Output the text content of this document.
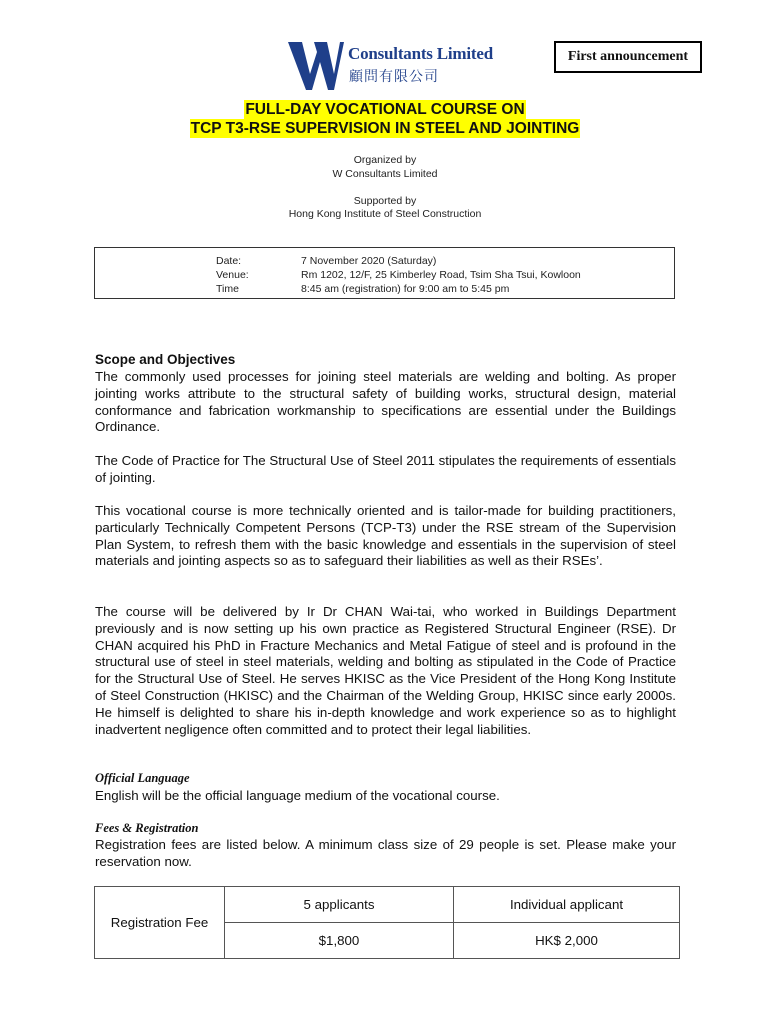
Consultants Limited
顧問有限公司
First announcement
FULL-DAY VOCATIONAL COURSE ON
TCP T3-RSE SUPERVISION IN STEEL AND JOINTING
Organized by
W Consultants Limited
Supported by
Hong Kong Institute of Steel Construction
Date:	7 November 2020 (Saturday)
Venue:	Rm 1202, 12/F, 25 Kimberley Road, Tsim Sha Tsui, Kowloon
Time	8:45 am (registration) for 9:00 am to 5:45 pm
Scope and Objectives
The commonly used processes for joining steel materials are welding and bolting. As proper jointing works attribute to the structural safety of building works, structural design, material conformance and fabrication workmanship to specifications are essential under the Buildings Ordinance.
The Code of Practice for The Structural Use of Steel 2011 stipulates the requirements of essentials of jointing.
This vocational course is more technically oriented and is tailor-made for building practitioners, particularly Technically Competent Persons (TCP-T3) under the RSE stream of the Supervision Plan System, to refresh them with the basic knowledge and essentials in the supervision of steel materials and jointing aspects so as to safeguard their liabilities as well as their RSEs’.
The course will be delivered by Ir Dr CHAN Wai-tai, who worked in Buildings Department previously and is now setting up his own practice as Registered Structural Engineer (RSE). Dr CHAN acquired his PhD in Fracture Mechanics and Metal Fatigue of steel and is profound in the structural use of steel in steel materials, welding and bolting as stipulated in the Code of Practice for the Structural Use of Steel. He serves HKISC as the Vice President of the Hong Kong Institute of Steel Construction (HKISC) and the Chairman of the Welding Group, HKISC since early 2000s. He himself is delighted to share his in-depth knowledge and work experience so as to highlight inadvertent negligence often committed and to protect their legal liabilities.
Official Language
English will be the official language medium of the vocational course.
Fees & Registration
Registration fees are listed below. A minimum class size of 29 people is set. Please make your reservation now.
Registration Fee	5 applicants	Individual applicant
	$1,800	HK$ 2,000
